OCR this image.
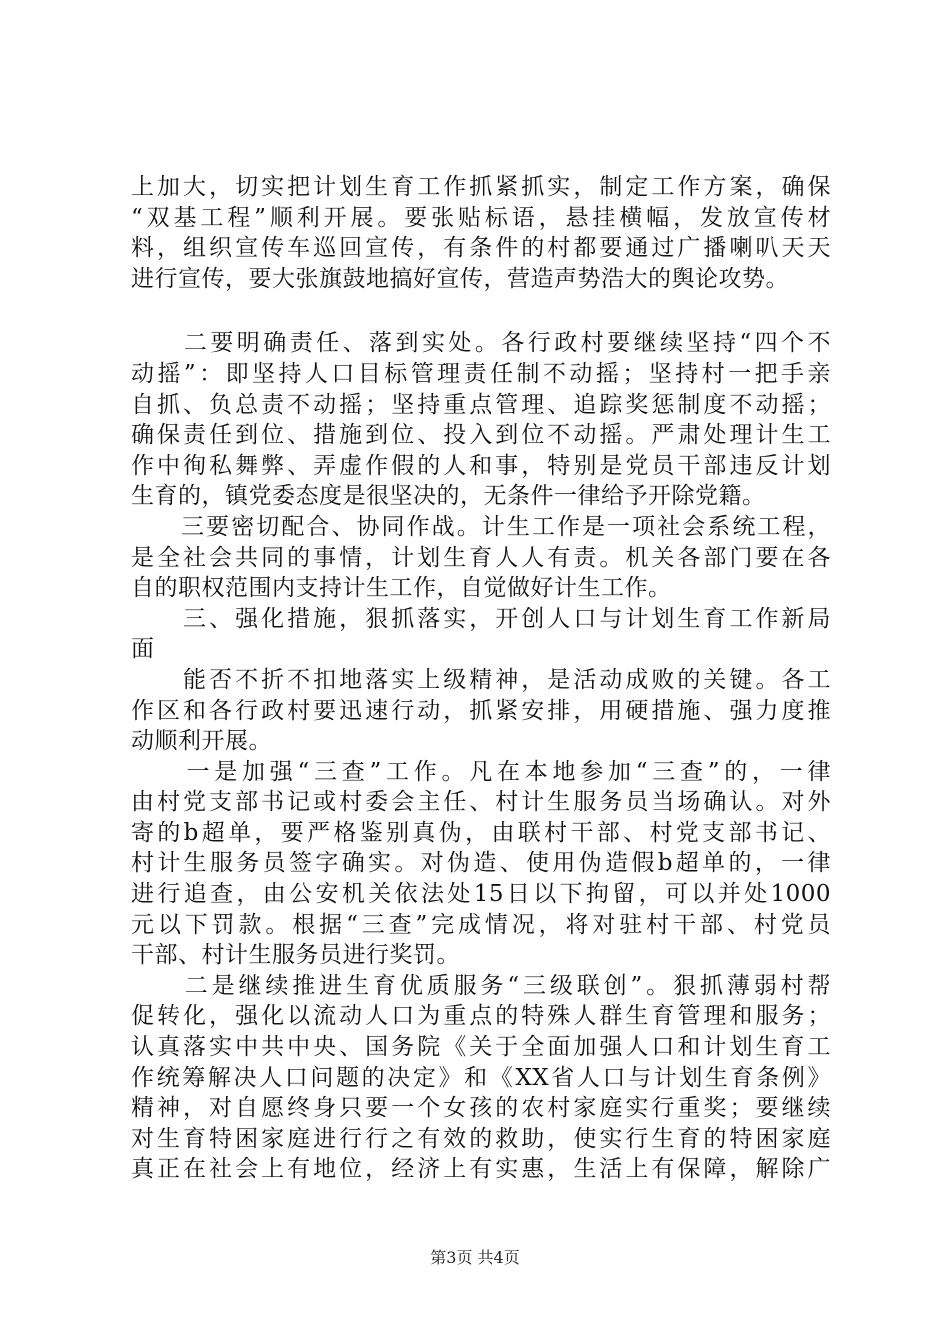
上加大，切实把计划生育工作抓紧抓实，制定工作方案，确保
“双基工程”顺利开展。要张贴标语，悬挂横幅，发放宣传材
料，组织宣传车巡回宣传，有条件的村都要通过广播喇叭天天
进行宣传，要大张旗鼓地搞好宣传，营造声势浩大的舆论攻势。
　　二要明确责任、落到实处。各行政村要继续坚持“四个不
动摇”：即坚持人口目标管理责任制不动摇；坚持村一把手亲
自抓、负总责不动摇；坚持重点管理、追踪奖惩制度不动摇；
确保责任到位、措施到位、投入到位不动摇。严肃处理计生工
作中徇私舞弊、弄虚作假的人和事，特别是党员干部违反计划
生育的，镇党委态度是很坚决的，无条件一律给予开除党籍。
　　三要密切配合、协同作战。计生工作是一项社会系统工程，
是全社会共同的事情，计划生育人人有责。机关各部门要在各
自的职权范围内支持计生工作，自觉做好计生工作。
　　三、强化措施，狠抓落实，开创人口与计划生育工作新局
面
　　能否不折不扣地落实上级精神，是活动成败的关键。各工
作区和各行政村要迅速行动，抓紧安排，用硬措施、强力度推
动顺利开展。
　　一是加强“三查”工作。凡在本地参加“三查”的，一律
由村党支部书记或村委会主任、村计生服务员当场确认。对外
寄的b超单，要严格鉴别真伪，由联村干部、村党支部书记、
村计生服务员签字确实。对伪造、使用伪造假b超单的，一律
进行追查，由公安机关依法处15日以下拘留，可以并处1000
元以下罚款。根据“三查”完成情况，将对驻村干部、村党员
干部、村计生服务员进行奖罚。
　　二是继续推进生育优质服务“三级联创”。狠抓薄弱村帮
促转化，强化以流动人口为重点的特殊人群生育管理和服务；
认真落实中共中央、国务院《关于全面加强人口和计划生育工
作统筹解决人口问题的决定》和《XX省人口与计划生育条例》
精神，对自愿终身只要一个女孩的农村家庭实行重奖；要继续
对生育特困家庭进行行之有效的救助，使实行生育的特困家庭
真正在社会上有地位，经济上有实惠，生活上有保障，解除广
第3页 共4页
